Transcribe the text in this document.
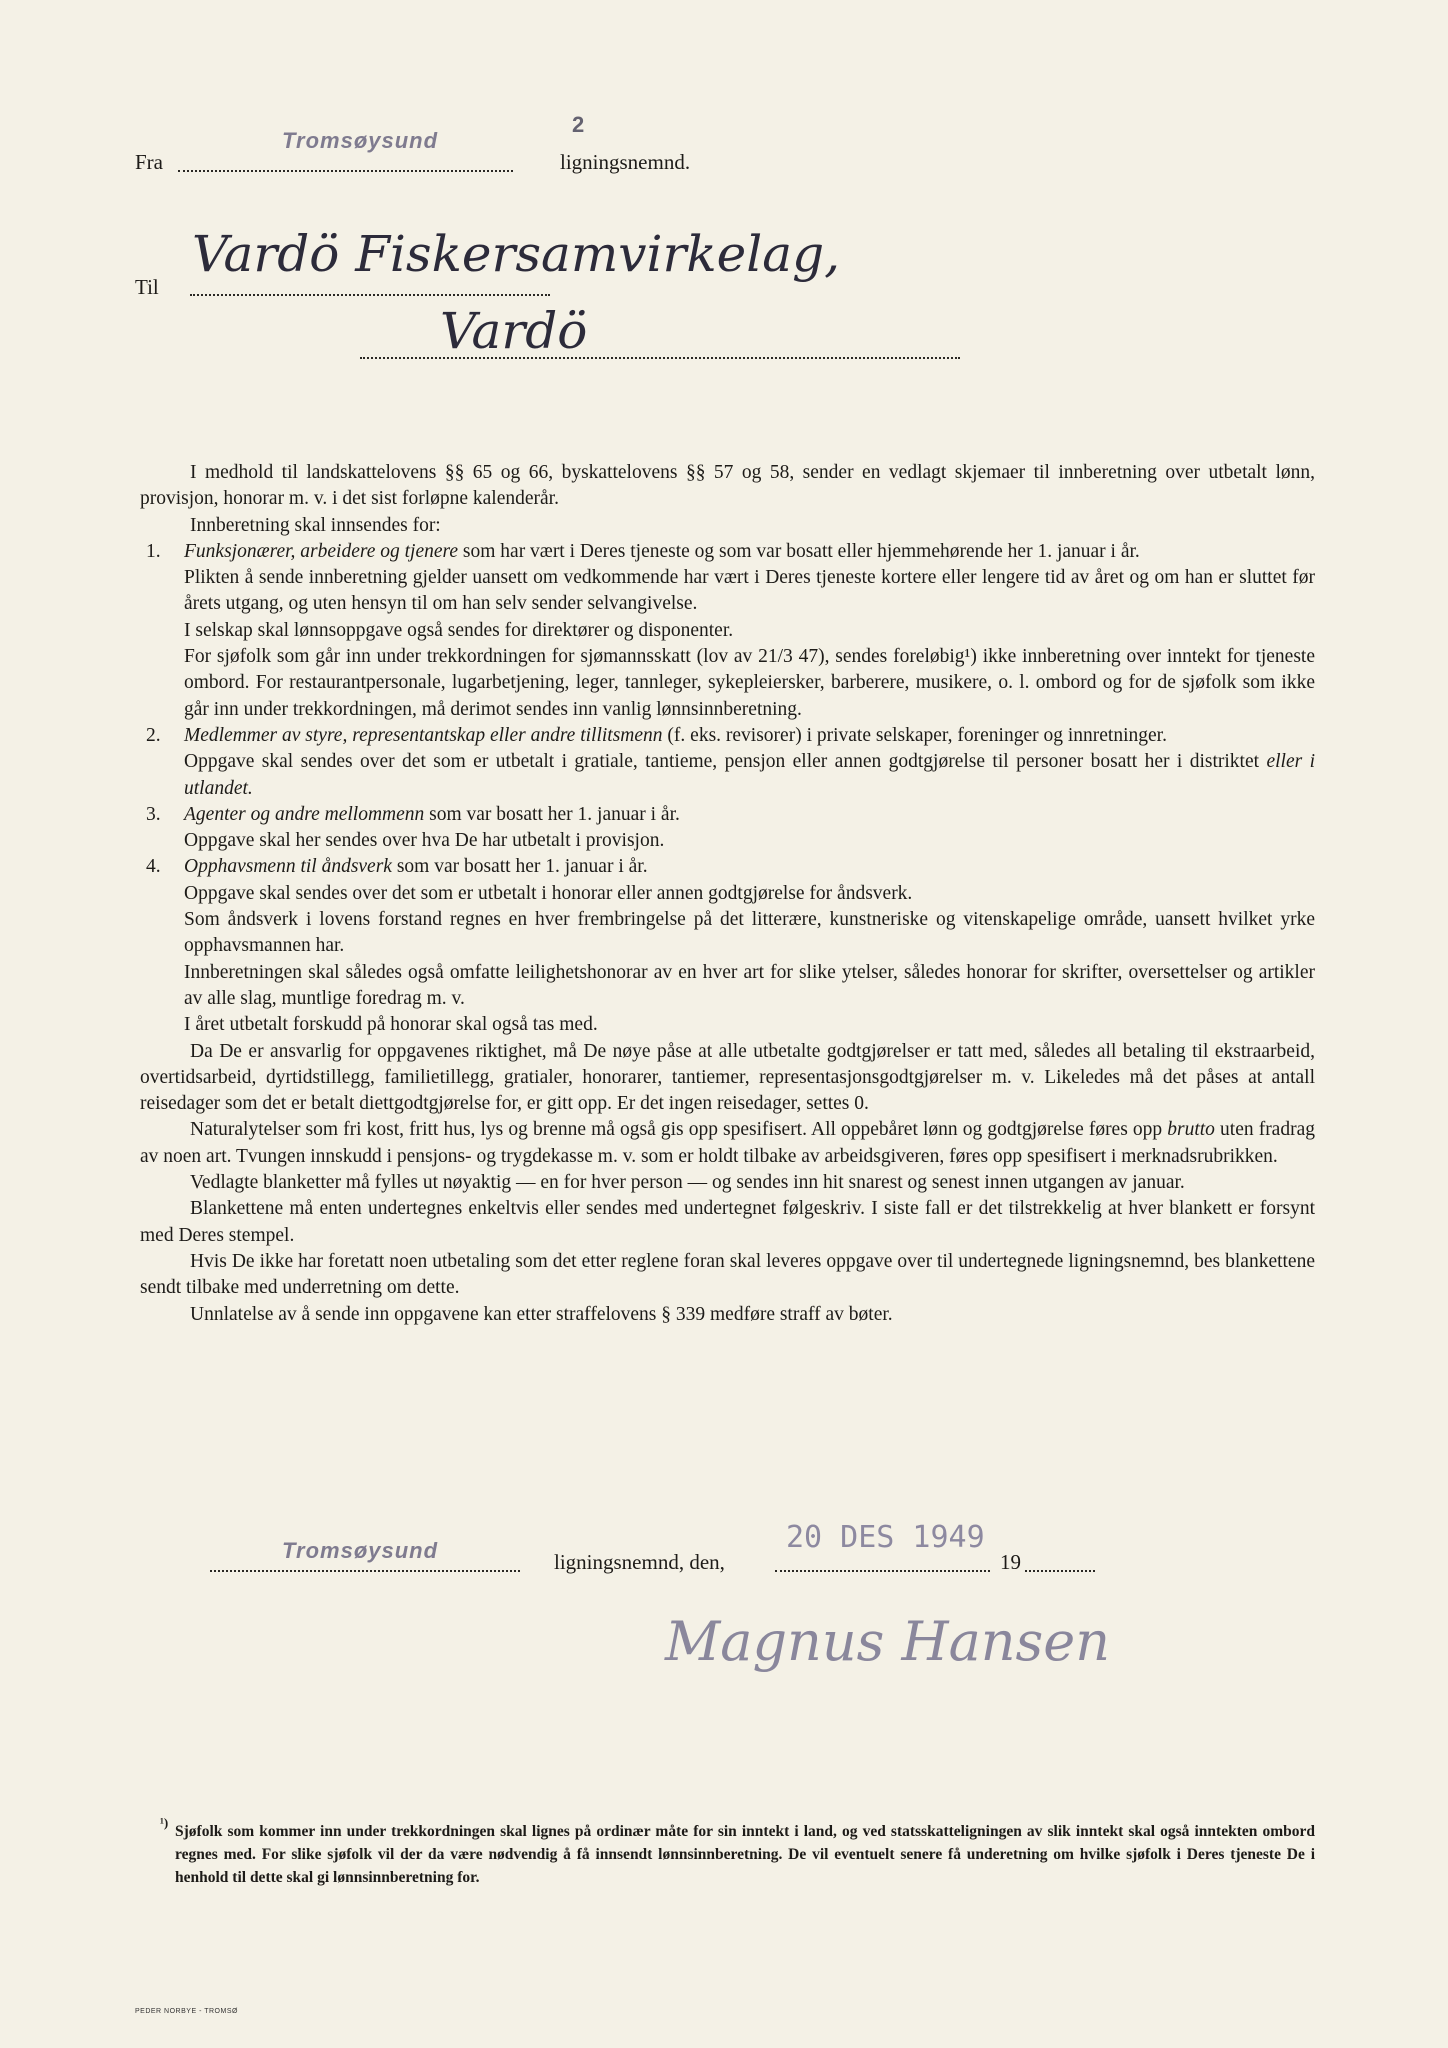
Fra
Tromsøysund
2
ligningsnemnd.
Til
Vardö Fiskersamvirkelag,
Vardö

I medhold til landskattelovens §§ 65 og 66, byskattelovens §§ 57 og 58, sender en vedlagt skjemaer til innberetning over utbetalt lønn, provisjon, honorar m. v. i det sist forløpne kalenderår.

Innberetning skal innsendes for:

1. Funksjonærer, arbeidere og tjenere som har vært i Deres tjeneste og som var bosatt eller hjemmehørende her 1. januar i år.

Plikten å sende innberetning gjelder uansett om vedkommende har vært i Deres tjeneste kortere eller lengere tid av året og om han er sluttet før årets utgang, og uten hensyn til om han selv sender selvangivelse.

I selskap skal lønnsoppgave også sendes for direktører og disponenter.

For sjøfolk som går inn under trekkordningen for sjømannsskatt (lov av 21/3 47), sendes foreløbig¹) ikke innberetning over inntekt for tjeneste ombord. For restaurantpersonale, lugarbetjening, leger, tannleger, sykepleiersker, barberere, musikere, o. l. ombord og for de sjøfolk som ikke går inn under trekkordningen, må derimot sendes inn vanlig lønnsinnberetning.

2. Medlemmer av styre, representantskap eller andre tillitsmenn (f. eks. revisorer) i private selskaper, foreninger og innretninger.

Oppgave skal sendes over det som er utbetalt i gratiale, tantieme, pensjon eller annen godtgjørelse til personer bosatt her i distriktet eller i utlandet.

3. Agenter og andre mellommenn som var bosatt her 1. januar i år.

Oppgave skal her sendes over hva De har utbetalt i provisjon.

4. Opphavsmenn til åndsverk som var bosatt her 1. januar i år.

Oppgave skal sendes over det som er utbetalt i honorar eller annen godtgjørelse for åndsverk.

Som åndsverk i lovens forstand regnes en hver frembringelse på det litterære, kunstneriske og vitenskapelige område, uansett hvilket yrke opphavsmannen har.

Innberetningen skal således også omfatte leilighetshonorar av en hver art for slike ytelser, således honorar for skrifter, oversettelser og artikler av alle slag, muntlige foredrag m. v.

I året utbetalt forskudd på honorar skal også tas med.

Da De er ansvarlig for oppgavenes riktighet, må De nøye påse at alle utbetalte godtgjørelser er tatt med, således all betaling til ekstraarbeid, overtidsarbeid, dyrtidstillegg, familietillegg, gratialer, honorarer, tantiemer, representasjonsgodtgjørelser m. v. Likeledes må det påses at antall reisedager som det er betalt diettgodtgjørelse for, er gitt opp. Er det ingen reisedager, settes 0.

Naturalytelser som fri kost, fritt hus, lys og brenne må også gis opp spesifisert. All oppebåret lønn og godtgjørelse føres opp brutto uten fradrag av noen art. Tvungen innskudd i pensjons- og trygdekasse m. v. som er holdt tilbake av arbeidsgiveren, føres opp spesifisert i merknadsrubrikken.

Vedlagte blanketter må fylles ut nøyaktig — en for hver person — og sendes inn hit snarest og senest innen utgangen av januar.

Blankettene må enten undertegnes enkeltvis eller sendes med undertegnet følgeskriv. I siste fall er det tilstrekkelig at hver blankett er forsynt med Deres stempel.

Hvis De ikke har foretatt noen utbetaling som det etter reglene foran skal leveres oppgave over til undertegnede ligningsnemnd, bes blankettene sendt tilbake med underretning om dette.

Unnlatelse av å sende inn oppgavene kan etter straffelovens § 339 medføre straff av bøter.

Tromsøysund	ligningsnemnd, den,
20 DES 1949
19
Magnus Hansen
¹)
Sjøfolk som kommer inn under trekkordningen skal lignes på ordinær måte for sin inntekt i land, og ved statsskatteligningen av slik inntekt skal også inntekten ombord regnes med. For slike sjøfolk vil der da være nødvendig å få innsendt lønnsinnberetning. De vil eventuelt senere få underetning om hvilke sjøfolk i Deres tjeneste De i henhold til dette skal gi lønnsinnberetning for.
PEDER NORBYE - TROMSØ
